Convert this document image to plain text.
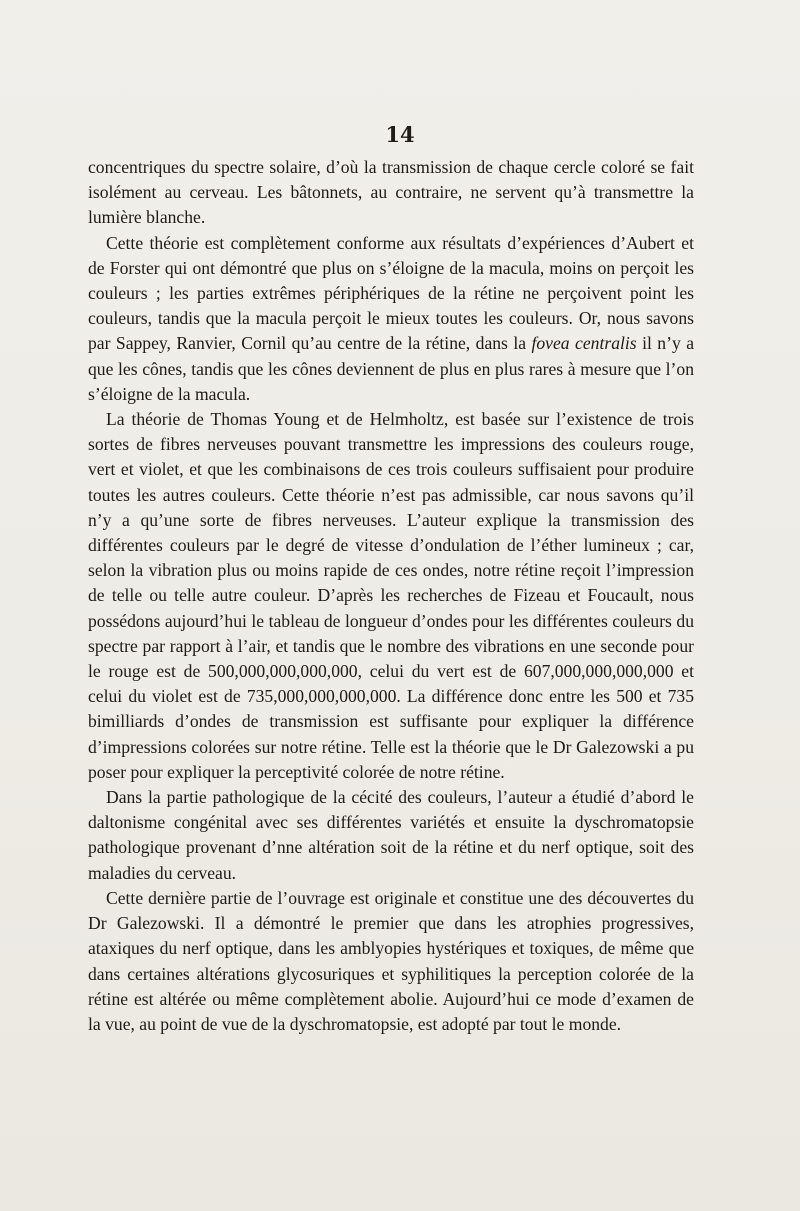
14

concentriques du spectre solaire, d’où la transmission de chaque cercle coloré se fait isolément au cerveau. Les bâtonnets, au contraire, ne servent qu’à transmettre la lumière blanche.

Cette théorie est complètement conforme aux résultats d’expériences d’Aubert et de Forster qui ont démontré que plus on s’éloigne de la macula, moins on perçoit les couleurs ; les parties extrêmes périphériques de la rétine ne perçoivent point les couleurs, tandis que la macula perçoit le mieux toutes les couleurs. Or, nous savons par Sappey, Ranvier, Cornil qu’au centre de la rétine, dans la fovea centralis il n’y a que les cônes, tandis que les cônes deviennent de plus en plus rares à mesure que l’on s’éloigne de la macula.

La théorie de Thomas Young et de Helmholtz, est basée sur l’existence de trois sortes de fibres nerveuses pouvant transmettre les impressions des couleurs rouge, vert et violet, et que les combinaisons de ces trois couleurs suffisaient pour produire toutes les autres couleurs. Cette théorie n’est pas admissible, car nous savons qu’il n’y a qu’une sorte de fibres nerveuses. L’auteur explique la transmission des différentes couleurs par le degré de vitesse d’ondulation de l’éther lumineux ; car, selon la vibration plus ou moins rapide de ces ondes, notre rétine reçoit l’impression de telle ou telle autre couleur. D’après les recherches de Fizeau et Foucault, nous possédons aujourd’hui le tableau de longueur d’ondes pour les différentes couleurs du spectre par rapport à l’air, et tandis que le nombre des vibrations en une seconde pour le rouge est de 500,000,000,000,000, celui du vert est de 607,000,000,000,000 et celui du violet est de 735,000,000,000,000. La différence donc entre les 500 et 735 bimilliards d’ondes de transmission est suffisante pour expliquer la différence d’impressions colorées sur notre rétine. Telle est la théorie que le Dr Galezowski a pu poser pour expliquer la perceptivité colorée de notre rétine.

Dans la partie pathologique de la cécité des couleurs, l’auteur a étudié d’abord le daltonisme congénital avec ses différentes variétés et ensuite la dyschromatopsie pathologique provenant d’nne altération soit de la rétine et du nerf optique, soit des maladies du cerveau.

Cette dernière partie de l’ouvrage est originale et constitue une des découvertes du Dr Galezowski. Il a démontré le premier que dans les atrophies progressives, ataxiques du nerf optique, dans les amblyopies hystériques et toxiques, de même que dans certaines altérations glycosuriques et syphilitiques la perception colorée de la rétine est altérée ou même complètement abolie. Aujourd’hui ce mode d’examen de la vue, au point de vue de la dyschromatopsie, est adopté par tout le monde.
